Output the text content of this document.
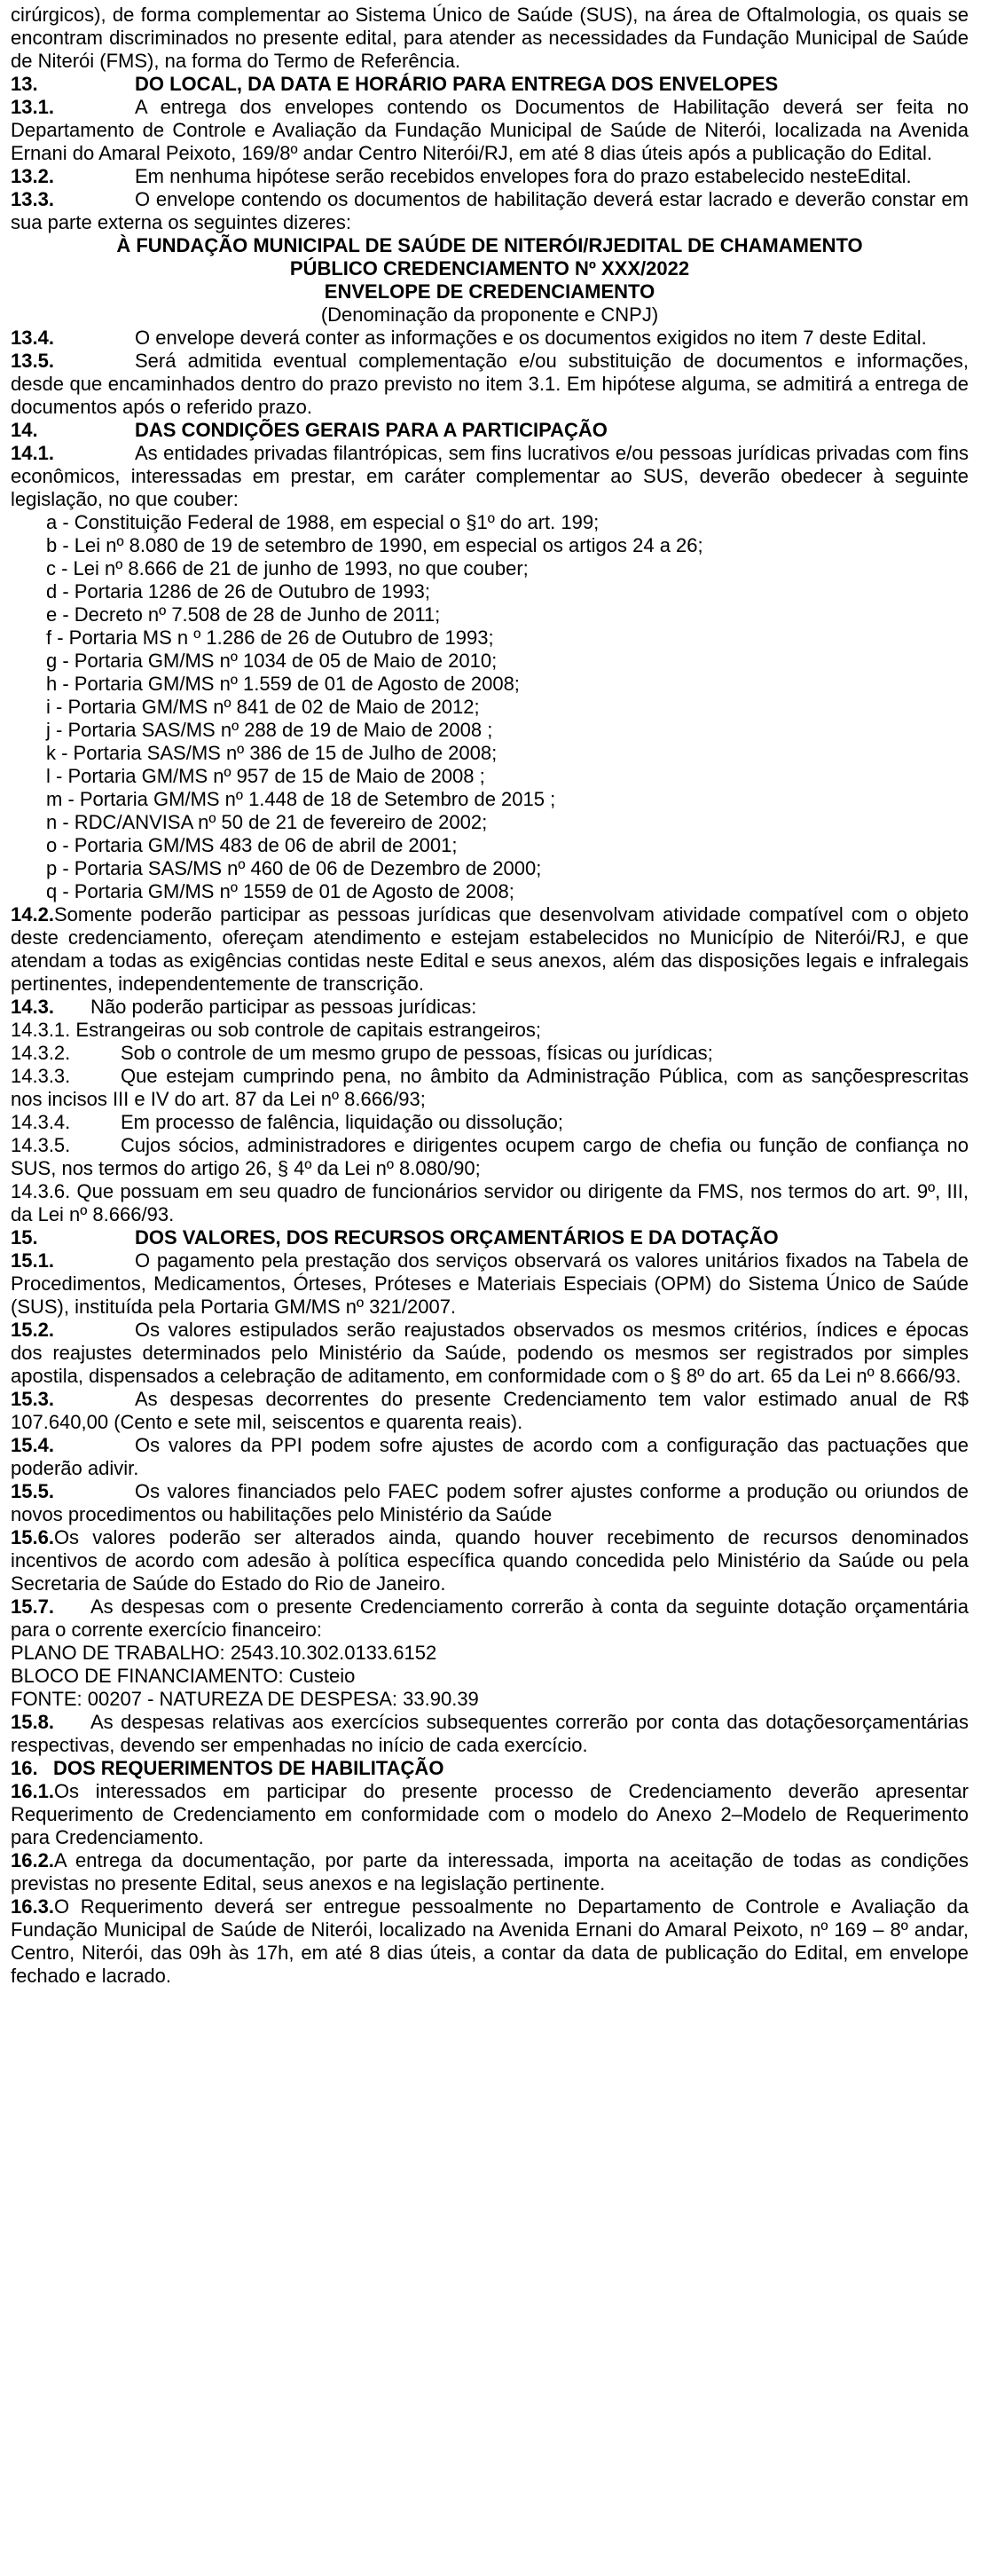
cirúrgicos), de forma complementar ao Sistema Único de Saúde (SUS), na área de Oftalmologia, os quais se encontram discriminados no presente edital, para atender as necessidades da Fundação Municipal de Saúde de Niterói (FMS), na forma do Termo de Referência.

13.	DO LOCAL, DA DATA E HORÁRIO PARA ENTREGA DOS ENVELOPES

13.1.	A entrega dos envelopes contendo os Documentos de Habilitação deverá ser feita no Departamento de Controle e Avaliação da Fundação Municipal de Saúde de Niterói, localizada na Avenida Ernani do Amaral Peixoto, 169/8º andar Centro Niterói/RJ, em até 8 dias úteis após a publicação do Edital.

13.2.	Em nenhuma hipótese serão recebidos envelopes fora do prazo estabelecido nesteEdital.

13.3.	O envelope contendo os documentos de habilitação deverá estar lacrado e deverão constar em sua parte externa os seguintes dizeres:

À FUNDAÇÃO MUNICIPAL DE SAÚDE DE NITERÓI/RJEDITAL DE CHAMAMENTO

PÚBLICO CREDENCIAMENTO Nº XXX/2022

ENVELOPE DE CREDENCIAMENTO

(Denominação da proponente e CNPJ)

13.4.	O envelope deverá conter as informações e os documentos exigidos no item 7 deste Edital.

13.5.	Será admitida eventual complementação e/ou substituição de documentos e informações, desde que encaminhados dentro do prazo previsto no item 3.1. Em hipótese alguma, se admitirá a entrega de documentos após o referido prazo.

14.	DAS CONDIÇÕES GERAIS PARA A PARTICIPAÇÃO

14.1.	As entidades privadas filantrópicas, sem fins lucrativos e/ou pessoas jurídicas privadas com fins econômicos, interessadas em prestar, em caráter complementar ao SUS, deverão obedecer à seguinte legislação, no que couber:

a - Constituição Federal de 1988, em especial o §1º do art. 199;

b - Lei nº 8.080 de 19 de setembro de 1990, em especial os artigos 24 a 26;

c - Lei nº 8.666 de 21 de junho de 1993, no que couber;

d - Portaria 1286 de 26 de Outubro de 1993;

e - Decreto nº 7.508 de 28 de Junho de 2011;

f - Portaria MS n º 1.286 de 26 de Outubro de 1993;

g - Portaria GM/MS nº 1034 de 05 de Maio de 2010;

h - Portaria GM/MS nº 1.559 de 01 de Agosto de 2008;

i - Portaria GM/MS nº 841 de 02 de Maio de 2012;

j - Portaria SAS/MS nº 288 de 19 de Maio de 2008 ;

k - Portaria SAS/MS nº 386 de 15 de Julho de 2008;

l - Portaria GM/MS nº 957 de 15 de Maio de 2008 ;

m - Portaria GM/MS nº 1.448 de 18 de Setembro de 2015 ;

n - RDC/ANVISA nº 50 de 21 de fevereiro de 2002;

o - Portaria GM/MS 483 de 06 de abril de 2001;

p - Portaria SAS/MS nº 460 de 06 de Dezembro de 2000;

q - Portaria GM/MS nº 1559 de 01 de Agosto de 2008;

14.2.Somente poderão participar as pessoas jurídicas que desenvolvam atividade compatível com o objeto deste credenciamento, ofereçam atendimento e estejam estabelecidos no Município de Niterói/RJ, e que atendam a todas as exigências contidas neste Edital e seus anexos, além das disposições legais e infralegais pertinentes, independentemente de transcrição.

14.3. Não poderão participar as pessoas jurídicas:

14.3.1. Estrangeiras ou sob controle de capitais estrangeiros;

14.3.2.	Sob o controle de um mesmo grupo de pessoas, físicas ou jurídicas;

14.3.3.	Que estejam cumprindo pena, no âmbito da Administração Pública, com as sançõesprescritas nos incisos III e IV do art. 87 da Lei nº 8.666/93;

14.3.4.	Em processo de falência, liquidação ou dissolução;

14.3.5.	Cujos sócios, administradores e dirigentes ocupem cargo de chefia ou função de confiança no SUS, nos termos do artigo 26, § 4º da Lei nº 8.080/90;

14.3.6. Que possuam em seu quadro de funcionários servidor ou dirigente da FMS, nos termos do art. 9º, III, da Lei nº 8.666/93.

15.	DOS VALORES, DOS RECURSOS ORÇAMENTÁRIOS E DA DOTAÇÃO

15.1.	O pagamento pela prestação dos serviços observará os valores unitários fixados na Tabela de Procedimentos, Medicamentos, Órteses, Próteses e Materiais Especiais (OPM) do Sistema Único de Saúde (SUS), instituída pela Portaria GM/MS nº 321/2007.

15.2.	Os valores estipulados serão reajustados observados os mesmos critérios, índices e épocas dos reajustes determinados pelo Ministério da Saúde, podendo os mesmos ser registrados por simples apostila, dispensados a celebração de aditamento, em conformidade com o § 8º do art. 65 da Lei nº 8.666/93.

15.3.	As despesas decorrentes do presente Credenciamento tem valor estimado anual de R$ 107.640,00 (Cento e sete mil, seiscentos e quarenta reais).

15.4.	Os valores da PPI podem sofre ajustes de acordo com a configuração das pactuações que poderão adivir.

15.5.	Os valores financiados pelo FAEC podem sofrer ajustes conforme a produção ou oriundos de novos procedimentos ou habilitações pelo Ministério da Saúde

15.6.Os valores poderão ser alterados ainda, quando houver recebimento de recursos denominados incentivos de acordo com adesão à política específica quando concedida pelo Ministério da Saúde ou pela Secretaria de Saúde do Estado do Rio de Janeiro.

15.7. As despesas com o presente Credenciamento correrão à conta da seguinte dotação orçamentária para o corrente exercício financeiro:

PLANO DE TRABALHO: 2543.10.302.0133.6152

BLOCO DE FINANCIAMENTO: Custeio

FONTE: 00207 - NATUREZA DE DESPESA: 33.90.39

15.8. As despesas relativas aos exercícios subsequentes correrão por conta das dotaçõesorçamentárias respectivas, devendo ser empenhadas no início de cada exercício.

16. DOS REQUERIMENTOS DE HABILITAÇÃO

16.1.Os interessados em participar do presente processo de Credenciamento deverão apresentar Requerimento de Credenciamento em conformidade com o modelo do Anexo 2–Modelo de Requerimento para Credenciamento.

16.2.A entrega da documentação, por parte da interessada, importa na aceitação de todas as condições previstas no presente Edital, seus anexos e na legislação pertinente.

16.3.O Requerimento deverá ser entregue pessoalmente no Departamento de Controle e Avaliação da Fundação Municipal de Saúde de Niterói, localizado na Avenida Ernani do Amaral Peixoto, nº 169 – 8º andar, Centro, Niterói, das 09h às 17h, em até 8 dias úteis, a contar da data de publicação do Edital, em envelope fechado e lacrado.
